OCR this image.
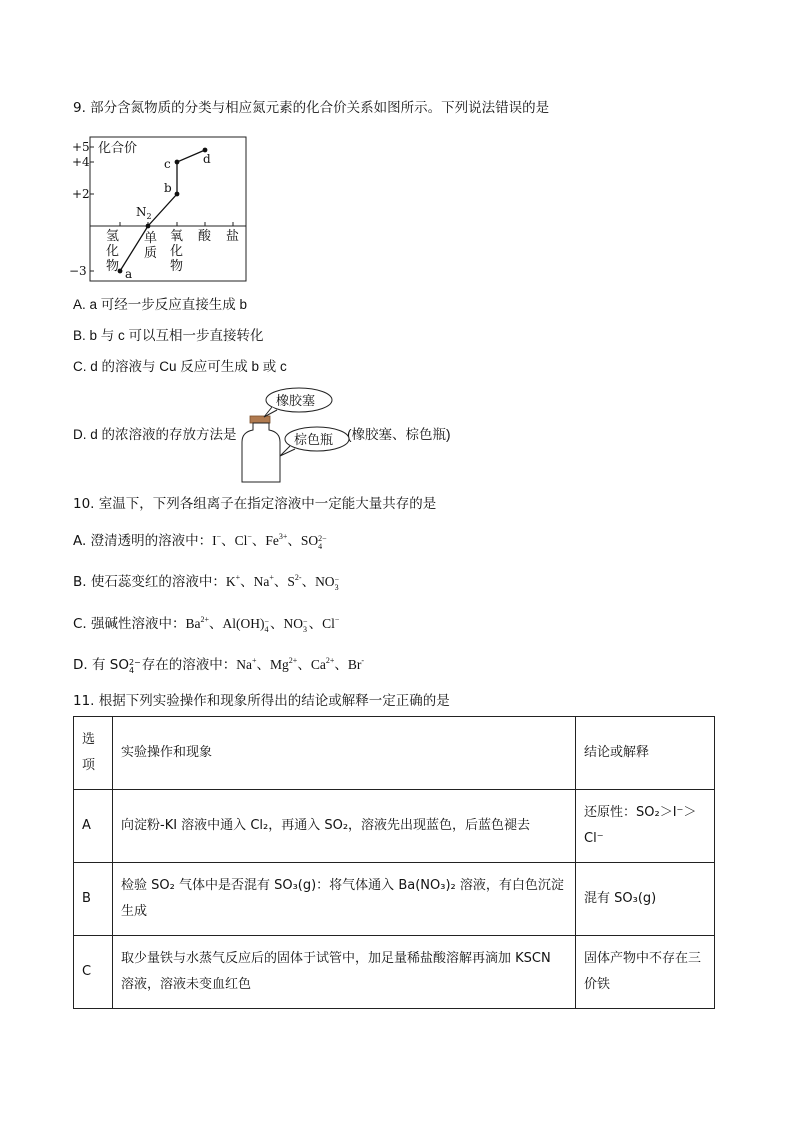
9. 部分含氮物质的分类与相应氮元素的化合价关系如图所示。下列说法错误的是
+5
+4
+2
−3
化合价
a
$N_2$
b
c	d
氢
化
物
单
质
氧
化
物
酸 盐
A. a 可经一步反应直接生成 b
B. b 与 c 可以互相一步直接转化
C. d 的溶液与 Cu 反应可生成 b 或 c
D. d 的浓溶液的存放方法是	(橡胶塞、棕色瓶)
橡胶塞
棕色瓶
10. 室温下，下列各组离子在指定溶液中一定能大量共存的是
A. 澄清透明的溶液中：I−、Cl−、$Fe^{3+}$、SO 2−
4
B. 使石蕊变红的溶液中：K+、Na+、$S^{2-}$、NO −
3
C. 强碱性溶液中：$Ba^{2+}$、Al(OH) −
4 、NO −
3 、Cl−
D. 有 SO 2−
4 存在的溶液中：Na+、$Mg^{2+}$、$Ca^{2+}$、Br-
11. 根据下列实验操作和现象所得出的结论或解释一定正确的是
选项	实验操作和现象	结论或解释
A	向淀粉-KI 溶液中通入 Cl₂，再通入 SO₂，溶液先出现蓝色，后蓝色褪去	还原性：SO₂＞I⁻＞Cl⁻
B	检验 SO₂ 气体中是否混有 SO₃(g)：将气体通入 Ba(NO₃)₂ 溶液，有白色沉淀生成	混有 SO₃(g)
C	取少量铁与水蒸气反应后的固体于试管中，加足量稀盐酸溶解再滴加 KSCN 溶液，溶液未变血红色	固体产物中不存在三价铁
